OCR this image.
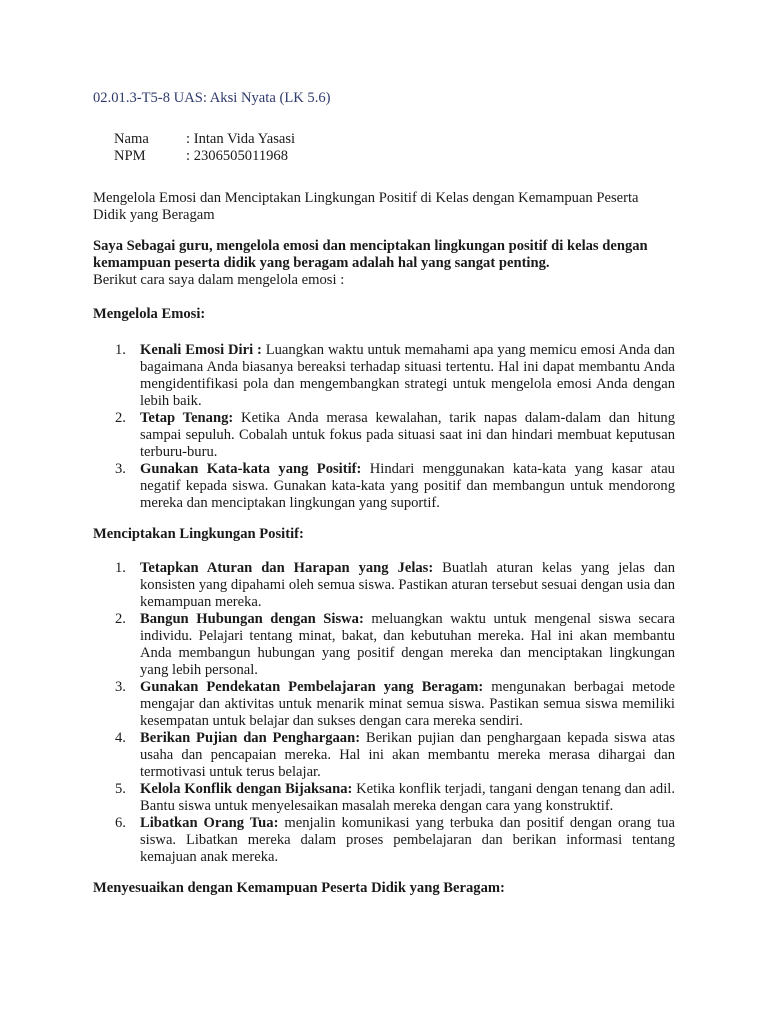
02.01.3-T5-8 UAS: Aksi Nyata (LK 5.6)
Nama	: Intan Vida Yasasi
NPM	: 2306505011968
Mengelola Emosi dan Menciptakan Lingkungan Positif di Kelas dengan Kemampuan Peserta Didik yang Beragam
Saya Sebagai guru, mengelola emosi dan menciptakan lingkungan positif di kelas dengan kemampuan peserta didik yang beragam adalah hal yang sangat penting.
Berikut cara saya dalam mengelola emosi :
Mengelola Emosi:
1. Kenali Emosi Diri : Luangkan waktu untuk memahami apa yang memicu emosi Anda dan bagaimana Anda biasanya bereaksi terhadap situasi tertentu. Hal ini dapat membantu Anda mengidentifikasi pola dan mengembangkan strategi untuk mengelola emosi Anda dengan lebih baik.
2. Tetap Tenang: Ketika Anda merasa kewalahan, tarik napas dalam-dalam dan hitung sampai sepuluh. Cobalah untuk fokus pada situasi saat ini dan hindari membuat keputusan terburu-buru.
3. Gunakan Kata-kata yang Positif: Hindari menggunakan kata-kata yang kasar atau negatif kepada siswa. Gunakan kata-kata yang positif dan membangun untuk mendorong mereka dan menciptakan lingkungan yang suportif.
Menciptakan Lingkungan Positif:
1. Tetapkan Aturan dan Harapan yang Jelas: Buatlah aturan kelas yang jelas dan konsisten yang dipahami oleh semua siswa. Pastikan aturan tersebut sesuai dengan usia dan kemampuan mereka.
2. Bangun Hubungan dengan Siswa: meluangkan waktu untuk mengenal siswa secara individu. Pelajari tentang minat, bakat, dan kebutuhan mereka. Hal ini akan membantu Anda membangun hubungan yang positif dengan mereka dan menciptakan lingkungan yang lebih personal.
3. Gunakan Pendekatan Pembelajaran yang Beragam: mengunakan berbagai metode mengajar dan aktivitas untuk menarik minat semua siswa. Pastikan semua siswa memiliki kesempatan untuk belajar dan sukses dengan cara mereka sendiri.
4. Berikan Pujian dan Penghargaan: Berikan pujian dan penghargaan kepada siswa atas usaha dan pencapaian mereka. Hal ini akan membantu mereka merasa dihargai dan termotivasi untuk terus belajar.
5. Kelola Konflik dengan Bijaksana: Ketika konflik terjadi, tangani dengan tenang dan adil. Bantu siswa untuk menyelesaikan masalah mereka dengan cara yang konstruktif.
6. Libatkan Orang Tua: menjalin komunikasi yang terbuka dan positif dengan orang tua siswa. Libatkan mereka dalam proses pembelajaran dan berikan informasi tentang kemajuan anak mereka.
Menyesuaikan dengan Kemampuan Peserta Didik yang Beragam:
